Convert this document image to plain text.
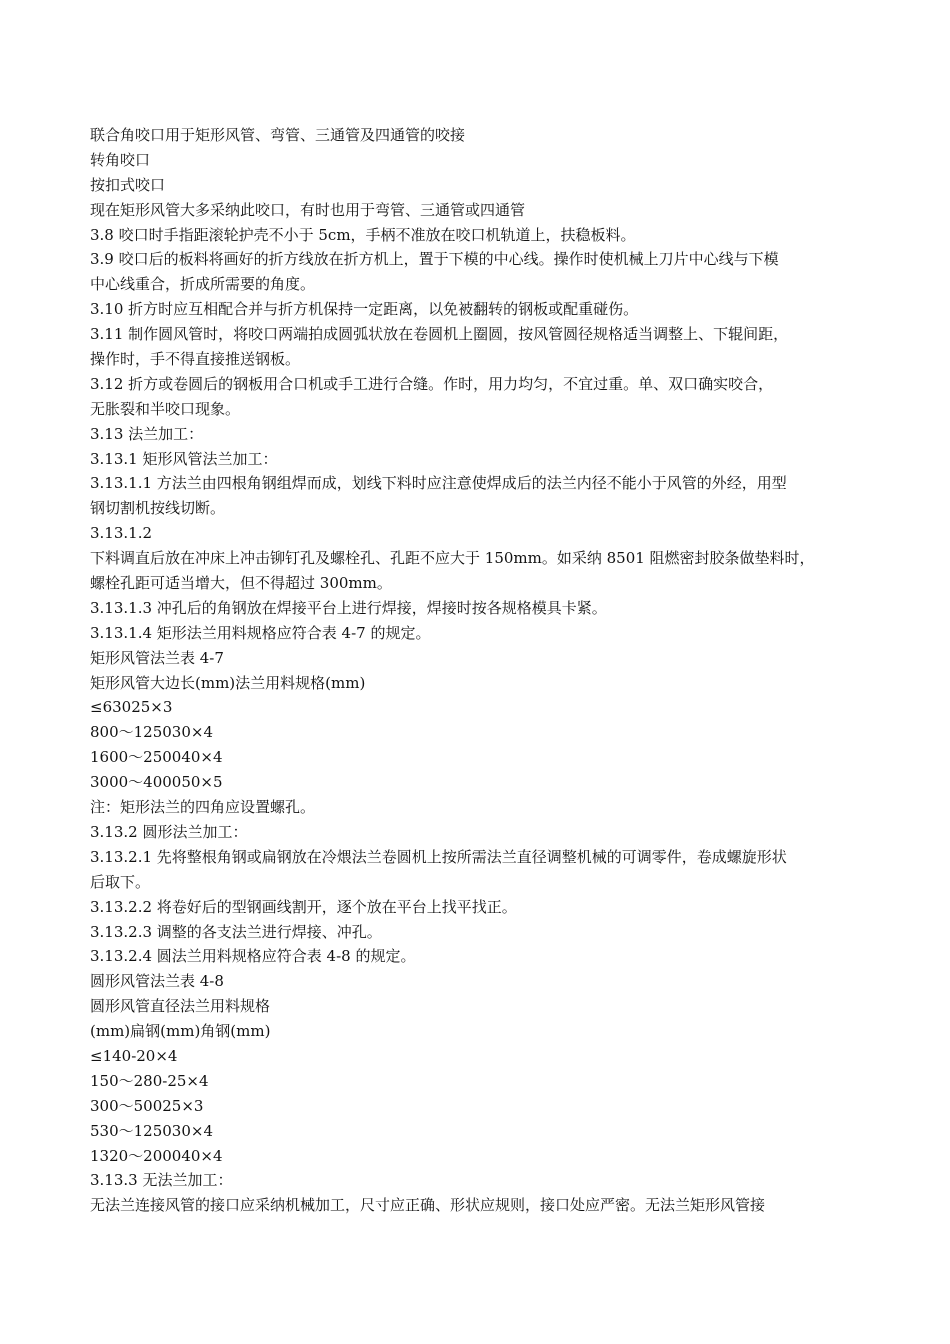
联合角咬口用于矩形风管、弯管、三通管及四通管的咬接
转角咬口
按扣式咬口
现在矩形风管大多采纳此咬口，有时也用于弯管、三通管或四通管
3.8 咬口时手指距滚轮护壳不小于 5cm，手柄不准放在咬口机轨道上，扶稳板料。
3.9 咬口后的板料将画好的折方线放在折方机上，置于下模的中心线。操作时使机械上刀片中心线与下模
中心线重合，折成所需要的角度。
3.10 折方时应互相配合并与折方机保持一定距离，以免被翻转的钢板或配重碰伤。
3.11 制作圆风管时，将咬口两端拍成圆弧状放在卷圆机上圈圆，按风管圆径规格适当调整上、下辊间距，
操作时，手不得直接推送钢板。
3.12 折方或卷圆后的钢板用合口机或手工进行合缝。作时，用力均匀，不宜过重。单、双口确实咬合，
无胀裂和半咬口现象。
3.13 法兰加工：
3.13.1 矩形风管法兰加工：
3.13.1.1 方法兰由四根角钢组焊而成，划线下料时应注意使焊成后的法兰内径不能小于风管的外经，用型
钢切割机按线切断。
3.13.1.2
下料调直后放在冲床上冲击铆钉孔及螺栓孔、孔距不应大于 150mm。如采纳 8501 阻燃密封胶条做垫料时，
螺栓孔距可适当增大，但不得超过 300mm。
3.13.1.3 冲孔后的角钢放在焊接平台上进行焊接，焊接时按各规格模具卡紧。
3.13.1.4 矩形法兰用料规格应符合表 4-7 的规定。
矩形风管法兰表 4-7
矩形风管大边长(mm)法兰用料规格(mm)
≤63025×3
800～125030×4
1600～250040×4
3000～400050×5
注：矩形法兰的四角应设置螺孔。
3.13.2 圆形法兰加工：
3.13.2.1 先将整根角钢或扁钢放在冷煨法兰卷圆机上按所需法兰直径调整机械的可调零件，卷成螺旋形状
后取下。
3.13.2.2 将卷好后的型钢画线割开，逐个放在平台上找平找正。
3.13.2.3 调整的各支法兰进行焊接、冲孔。
3.13.2.4 圆法兰用料规格应符合表 4-8 的规定。
圆形风管法兰表 4-8
圆形风管直径法兰用料规格
(mm)扁钢(mm)角钢(mm)
≤140-20×4
150～280-25×4
300～50025×3
530～125030×4
1320～200040×4
3.13.3 无法兰加工：
无法兰连接风管的接口应采纳机械加工，尺寸应正确、形状应规则，接口处应严密。无法兰矩形风管接
